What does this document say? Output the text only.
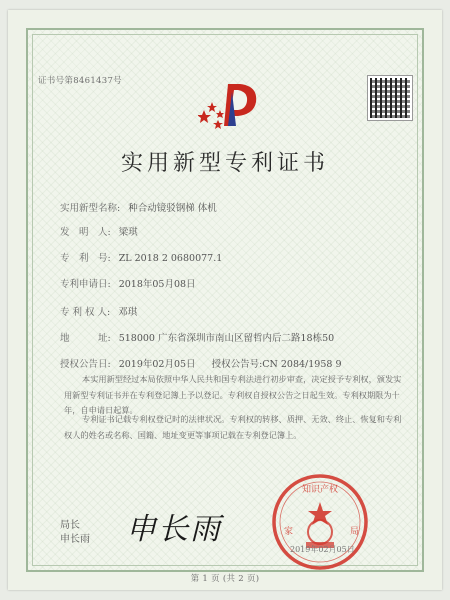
证书号第8461437号
实用新型专利证书
实用新型名称: 种合动镜驳钢梯 体机
发　明　人: 梁琪
专　利　号: ZL 2018 2 0680077.1
专利申请日: 2018年05月08日
专 利 权 人: 邓琪
地　　　址: 518000 广东省深圳市南山区留哲内后二路18栋50
授权公告日: 2019年02月05日 授权公告号:CN 2084/1958 9
本实用新型经过本局依照中华人民共和国专利法进行初步审查，决定授予专利权，颁发实用新型专利证书并在专利登记簿上予以登记。专利权自授权公告之日起生效。专利权期限为十年，自申请日起算。
专利证书记载专利权登记时的法律状况。专利权的转移、质押、无效、终止、恢复和专利权人的姓名或名称、国籍、地址变更等事项记载在专利登记簿上。
局长
申长雨 申长雨
知识产权
家	局
2019年02月05日
第 1 页 (共 2 页)
